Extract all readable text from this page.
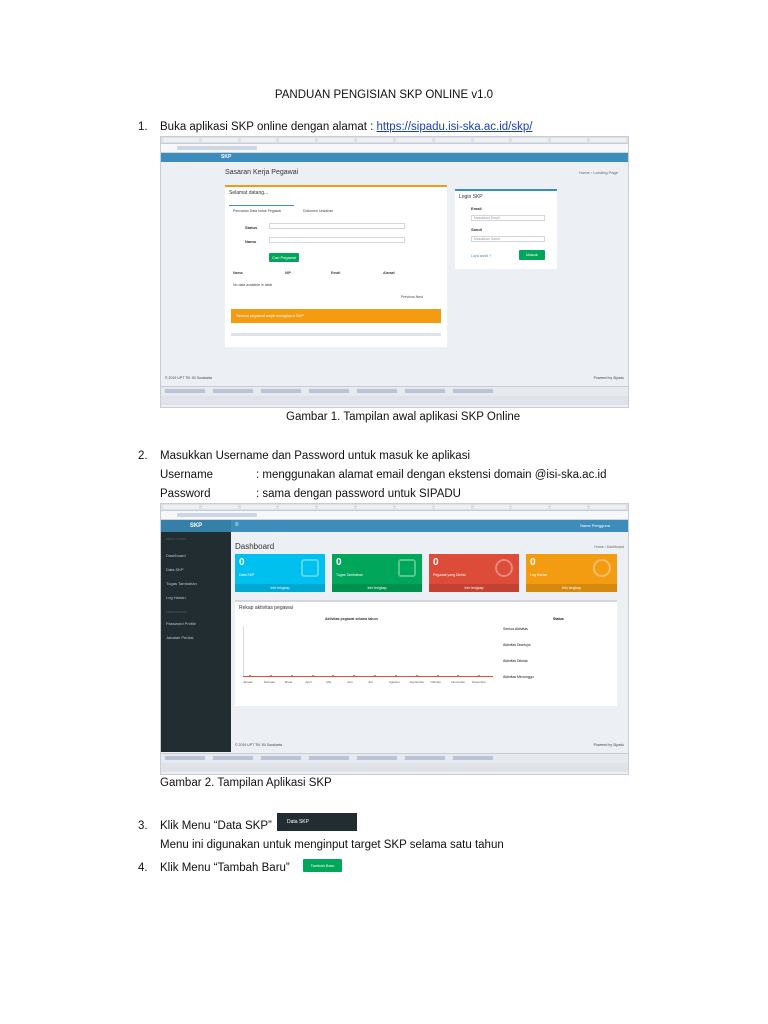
PANDUAN PENGISIAN SKP ONLINE v1.0
1. Buka aplikasi SKP online dengan alamat : https://sipadu.isi-ska.ac.id/skp/
SKP
Sasaran Kerja Pegawai	Home › Landing Page
Selamat datang...
Pencarian Data Induk Pegawai	Dokumen Undahan
Status
Nama
Cari Pegawai
Nama	NIP	Email	Alamat
No data available in table
Previous Next
Semua pegawai wajib menginput SKP
Login SKP
Email
Masukkan Email
Sandi
Masukkan Sandi
Lupa sandi ?	Masuk
© 2019 UPT TIK ISI Surakarta	Powered by Sipadu
Gambar 1. Tampilan awal aplikasi SKP Online
2. Masukkan Username dan Password untuk masuk ke aplikasi
Username	: menggunakan alamat email dengan ekstensi domain @isi-ska.ac.id
Password	: sama dengan password untuk SIPADU
≡	Nama Pengguna
SKP
MENU UTAMA
Dashboard
Data SKP
Tugas Tambahan
Log Harian
PENGATURAN
Password Profile
Jabatan Penilai
Dashboard	Home › Dashboard
0
Data SKP
Info lengkap
0
Tugas Tambahan
Info lengkap
0
Pegawai yang Dinilai
Info lengkap
0
Log Harian
Info lengkap
Rekap aktivitas pegawai
Aktivitas pegawai selama tahun
Januari	Februari	Maret	April	Mei	Juni	Juli	Agustus	September Oktober	November Desember
Status
Semua Aktivitas
Aktivitas Disetujui
Aktivitas Ditolak
Aktivitas Menunggu
© 2019 UPT TIK ISI Surakarta	Powered by Sipadu
Gambar 2. Tampilan Aplikasi SKP
3. Klik Menu “Data SKP”	Data SKP
Menu ini digunakan untuk menginput target SKP selama satu tahun
4. Klik Menu “Tambah Baru”	Tambah Baru
